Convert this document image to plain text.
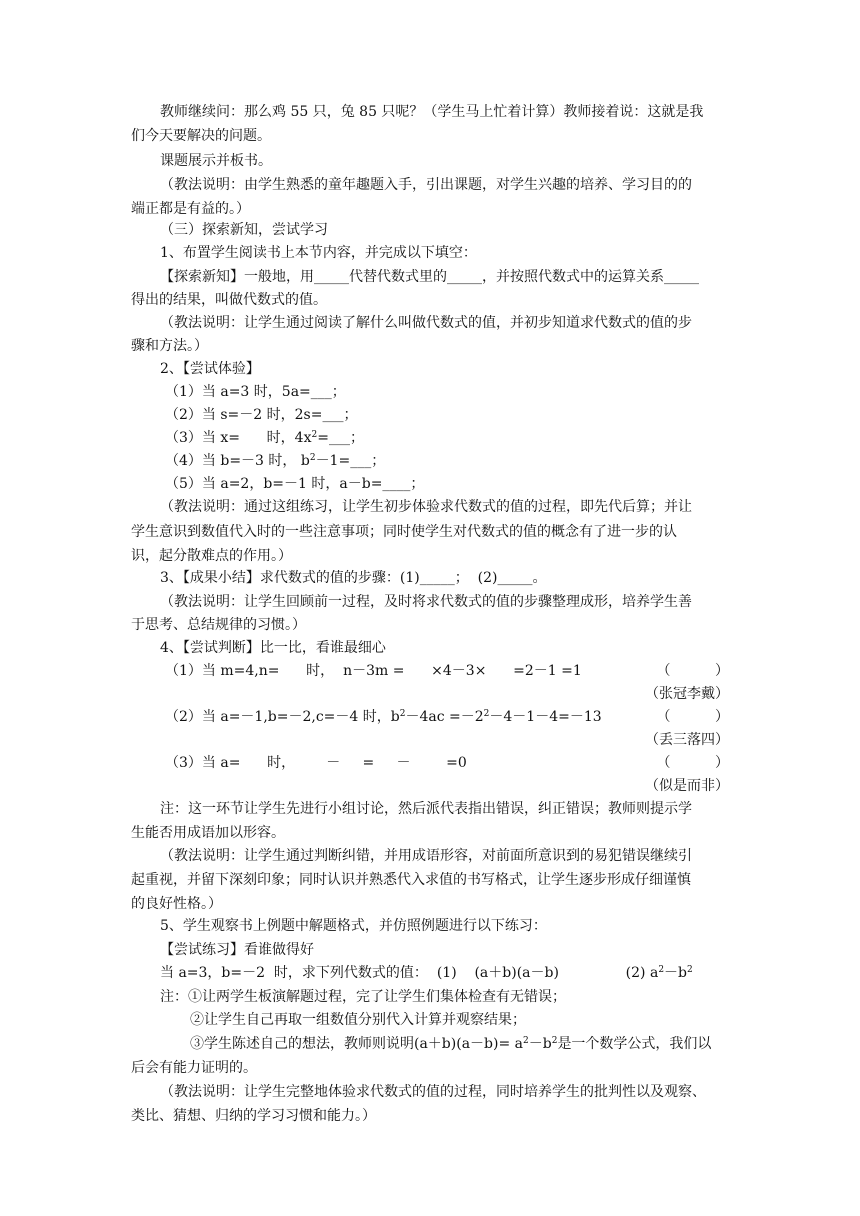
教师继续问：那么鸡 55 只，兔 85 只呢？（学生马上忙着计算）教师接着说：这就是我
们今天要解决的问题。
课题展示并板书。
（教法说明：由学生熟悉的童年趣题入手，引出课题，对学生兴趣的培养、学习目的的
端正都是有益的。）
（三）探索新知，尝试学习
1、布置学生阅读书上本节内容，并完成以下填空：
【探索新知】一般地，用_____代替代数式里的_____，并按照代数式中的运算关系_____
得出的结果，叫做代数式的值。
（教法说明：让学生通过阅读了解什么叫做代数式的值，并初步知道求代数式的值的步
骤和方法。）
2、【尝试体验】
（1）当 a=3 时，5a=___；
（2）当 s=－2 时，2s=___；
（3）当 x=      时，$4x^2=\_\_\_$；
（4）当 b=－3 时， $b^2-1=\_\_\_$；
（5）当 a=2，b=－1 时，a－b=____；
（教法说明：通过这组练习，让学生初步体验求代数式的值的过程，即先代后算；并让
学生意识到数值代入时的一些注意事项；同时使学生对代数式的值的概念有了进一步的认
识，起分散难点的作用。）
3、【成果小结】求代数式的值的步骤：(1)_____；  (2)_____。
（教法说明：让学生回顾前一过程，及时将求代数式的值的步骤整理成形，培养学生善
于思考、总结规律的习惯。）
4、【尝试判断】比一比，看谁最细心
（1）当 m=4,n=      时，  n－3m =      ×4－3×      =2－1 =1	（          ）
（张冠李戴）
（2）当 a=－1,b=－2,c=－4 时，$b^2-4ac =-2^2-4-1-4=-13$	（          ）
（丢三落四）
（3）当 a=      时，       －     =     －        =0	（          ）
（似是而非）
注：这一环节让学生先进行小组讨论，然后派代表指出错误，纠正错误；教师则提示学
生能否用成语加以形容。
（教法说明：让学生通过判断纠错，并用成语形容，对前面所意识到的易犯错误继续引
起重视，并留下深刻印象；同时认识并熟悉代入求值的书写格式，让学生逐步形成仔细谨慎
的良好性格。）
5、学生观察书上例题中解题格式，并仿照例题进行以下练习：
【尝试练习】看谁做得好
当 a=3，b=－2  时，求下列代数式的值：  (1)    (a＋b)(a－b)               (2) $a^2-b^2$
注：①让两学生板演解题过程，完了让学生们集体检查有无错误；
②让学生自己再取一组数值分别代入计算并观察结果；
③学生陈述自己的想法，教师则说明$(a+b)(a-b)= a^2-b^2$是一个数学公式，我们以
后会有能力证明的。
（教法说明：让学生完整地体验求代数式的值的过程，同时培养学生的批判性以及观察、
类比、猜想、归纳的学习习惯和能力。）
